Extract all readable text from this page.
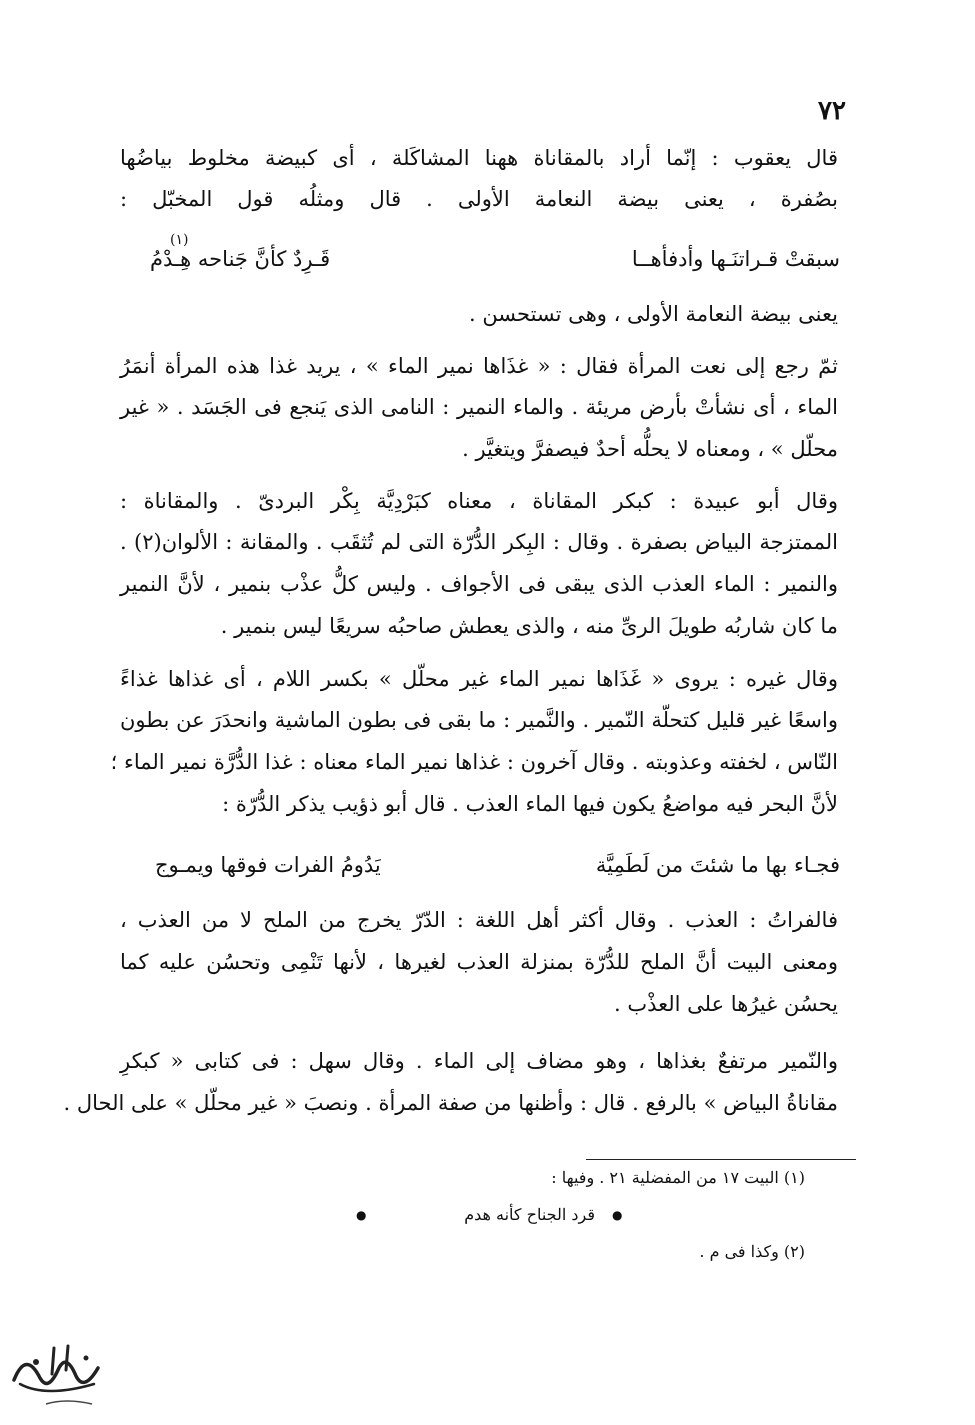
٧٢
قال يعقوب : إنّما أراد بالمقاناة ههنا المشاكَلة ، أى كبيضة مخلوط بياضُها
بصُفرة ، يعنى بيضة النعامة الأولى . قال ومثلُه قول المخبّل :
سبقتْ قـراتنَـها وأدفأهــا
قَـرِدٌ كأنَّ جَناحه هِـدْمُ
(١)
يعنى بيضة النعامة الأولى ، وهى تستحسن .
ثمّ رجع إلى نعت المرأة فقال : « غذَاها نمير الماء » ، يريد غذا هذه المرأة أنمَرُ
الماء ، أى نشأتْ بأرض مريئة . والماء النمير : النامى الذى يَنجع فى الجَسَد . « غير
محلّل » ، ومعناه لا يحلُّه أحدٌ فيصفرَّ ويتغيَّر .
وقال أبو عبيدة : كبكر المقاناة ، معناه كبَرْدِيَّة بِكْر البردىّ . والمقاناة :
الممتزجة البياض بصفرة . وقال : البِكر الدُّرّة التى لم تُثقَب . والمقانة : الألوان(٢) .
والنمير : الماء العذب الذى يبقى فى الأجواف . وليس كلُّ عذْب بنمير ، لأنَّ النمير
ما كان شاربُه طويلَ الرىِّ منه ، والذى يعطش صاحبُه سريعًا ليس بنمير .
وقال غيره : يروى « غَذَاها نمير الماء غير محلّل » بكسر اللام ، أى غذاها غذاءً
واسعًا غير قليل كتحلّة النّمير . والنَّمير : ما بقى فى بطون الماشية وانحدَرَ عن بطون
النّاس ، لخفته وعذوبته . وقال آخرون : غذاها نمير الماء معناه : غذا الدُّرَّة نمير الماء ؛
لأنَّ البحر فيه مواضعُ يكون فيها الماء العذب . قال أبو ذؤيب يذكر الدُّرّة :
فجـاء بها ما شئتَ من لَطَمِيَّة
يَدُومُ الفرات فوقها ويمـوج
فالفراتُ : العذب . وقال أكثر أهل اللغة : الدّرّ يخرج من الملح لا من العذب ،
ومعنى البيت أنَّ الملح للدُّرّة بمنزلة العذب لغيرها ، لأنها تَنْمِى وتحسُن عليه كما
يحسُن غيرُها على العذْب .
والنّمير مرتفعٌ بغذاها ، وهو مضاف إلى الماء . وقال سهل : فى كتابى « كبكرِ
مقاناةُ البياض » بالرفع . قال : وأظنها من صفة المرأة . ونصبَ « غير محلّل » على الحال .
(١) البيت ١٧ من المفضلية ٢١ . وفيها :
قرد الجناح كأنه هدم ●
●
(٢) وكذا فى م .
